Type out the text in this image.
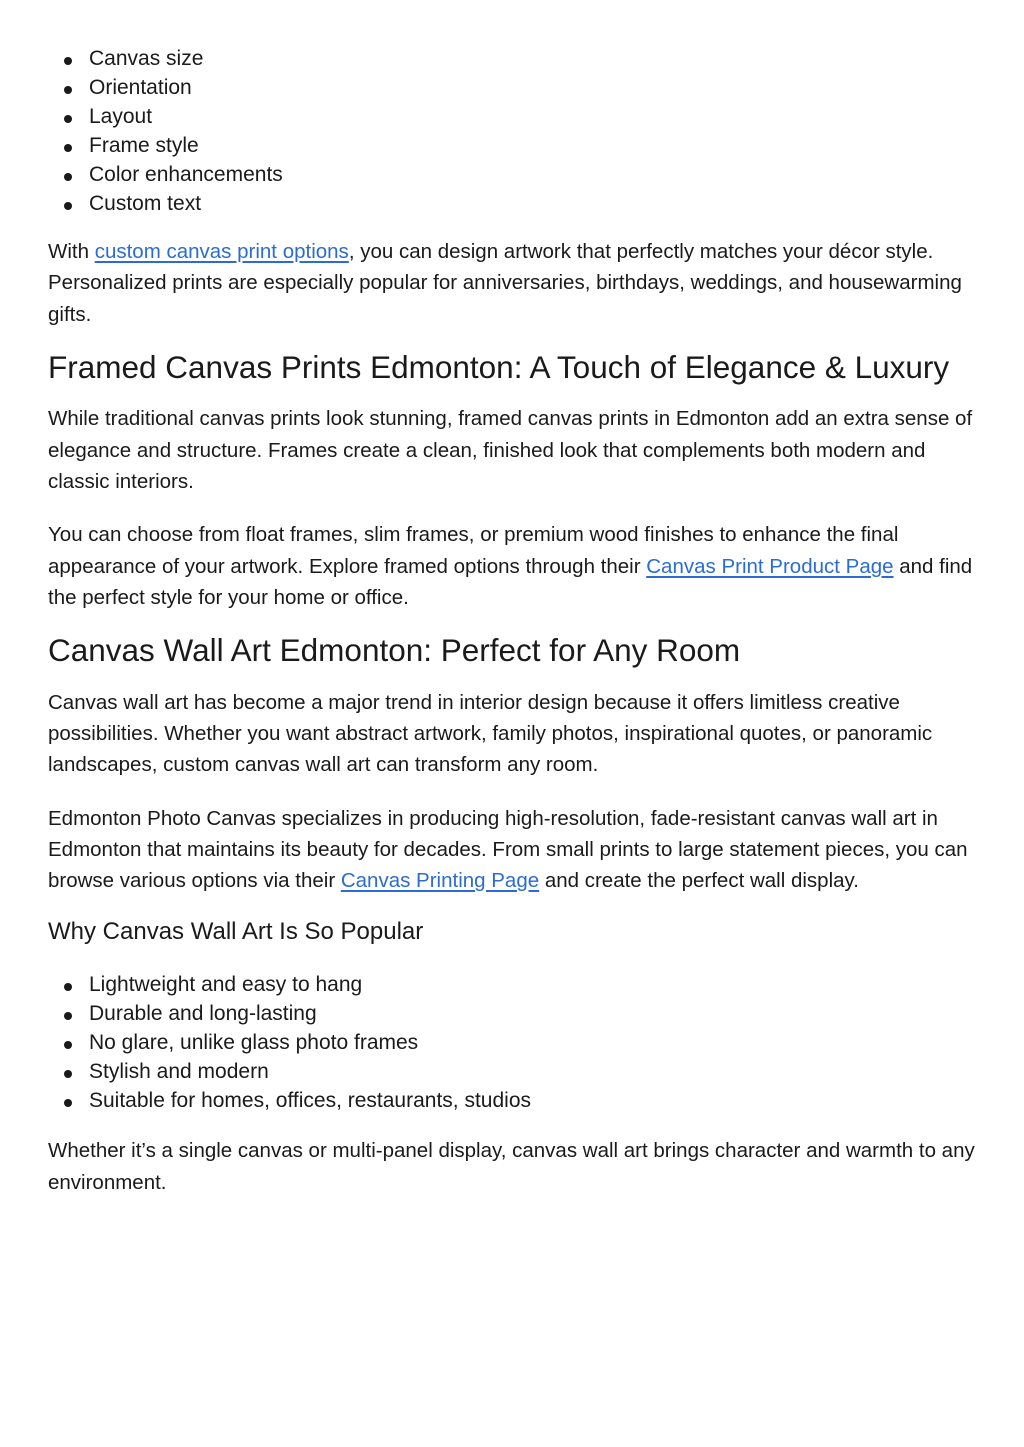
Canvas size
Orientation
Layout
Frame style
Color enhancements
Custom text

With custom canvas print options, you can design artwork that perfectly matches your décor style. Personalized prints are especially popular for anniversaries, birthdays, weddings, and housewarming gifts.

Framed Canvas Prints Edmonton: A Touch of Elegance & Luxury

While traditional canvas prints look stunning, framed canvas prints in Edmonton add an extra sense of elegance and structure. Frames create a clean, finished look that complements both modern and classic interiors.

You can choose from float frames, slim frames, or premium wood finishes to enhance the final appearance of your artwork. Explore framed options through their Canvas Print Product Page and find the perfect style for your home or office.

Canvas Wall Art Edmonton: Perfect for Any Room

Canvas wall art has become a major trend in interior design because it offers limitless creative possibilities. Whether you want abstract artwork, family photos, inspirational quotes, or panoramic landscapes, custom canvas wall art can transform any room.

Edmonton Photo Canvas specializes in producing high-resolution, fade-resistant canvas wall art in Edmonton that maintains its beauty for decades. From small prints to large statement pieces, you can browse various options via their Canvas Printing Page and create the perfect wall display.

Why Canvas Wall Art Is So Popular
Lightweight and easy to hang
Durable and long-lasting
No glare, unlike glass photo frames
Stylish and modern
Suitable for homes, offices, restaurants, studios

Whether it’s a single canvas or multi-panel display, canvas wall art brings character and warmth to any environment.
